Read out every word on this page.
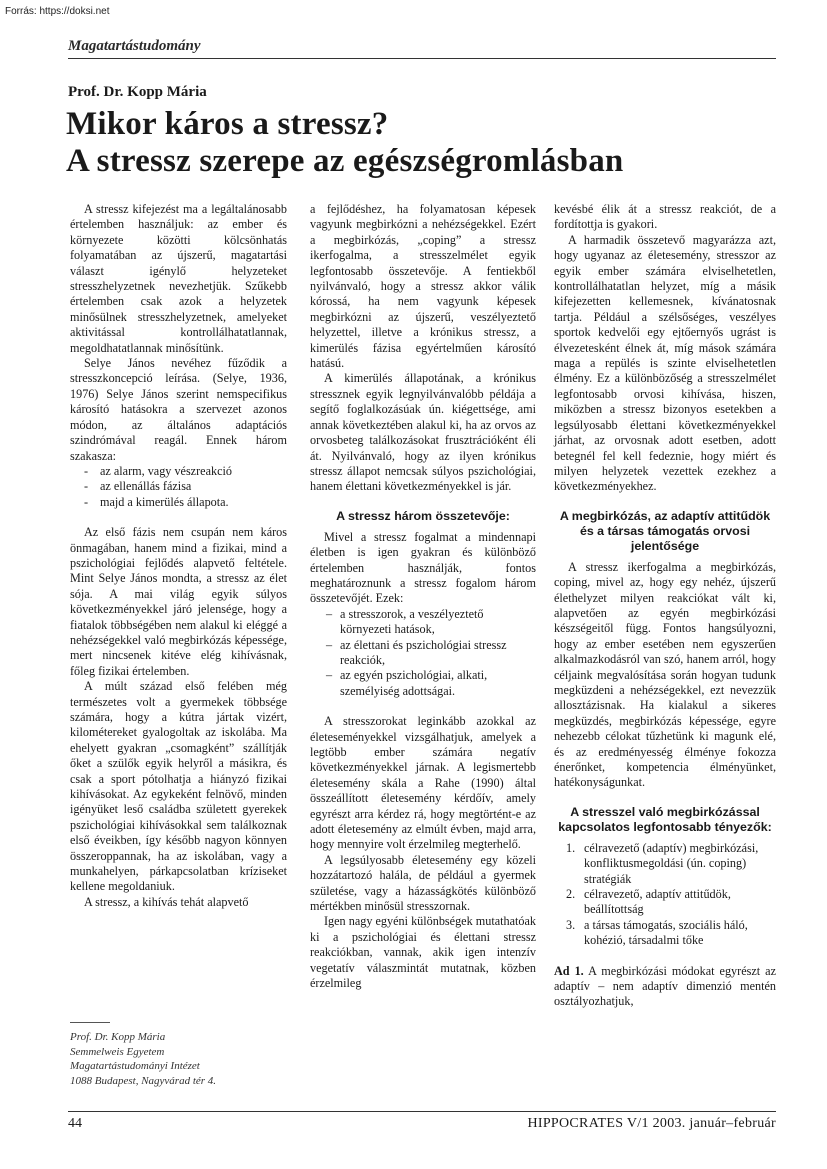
Forrás: https://doksi.net
Magatartástudomány
Prof. Dr. Kopp Mária
Mikor káros a stressz?
A stressz szerepe az egészségromlásban

A stressz kifejezést ma a legáltalánosabb értelemben használjuk: az ember és környezete közötti kölcsönhatás folyamatában az újszerű, magatartási választ igénylő helyzeteket stresszhelyzetnek nevezhetjük. Szűkebb értelemben csak azok a helyzetek minősülnek stresszhelyzetnek, amelyeket aktivitással kontrollálhatatlannak, megoldhatatlannak minősítünk.

Selye János nevéhez fűződik a stresszkoncepció leírása. (Selye, 1936, 1976) Selye János szerint nemspecifikus károsító hatásokra a szervezet azonos módon, az általános adaptációs szindrómával reagál. Ennek három szakasza:

- az alarm, vagy vészreakció
- az ellenállás fázisa
- majd a kimerülés állapota.

Az első fázis nem csupán nem káros önmagában, hanem mind a fizikai, mind a pszichológiai fejlődés alapvető feltétele. Mint Selye János mondta, a stressz az élet sója. A mai világ egyik súlyos következményekkel járó jelensége, hogy a fiatalok többségében nem alakul ki eléggé a nehézségekkel való megbirkózás képessége, mert nincsenek kitéve elég kihívásnak, főleg fizikai értelemben.

A múlt század első felében még természetes volt a gyermekek többsége számára, hogy a kútra jártak vizért, kilométereket gyalogoltak az iskolába. Ma ehelyett gyakran „csomagként” szállítják őket a szülők egyik helyről a másikra, és csak a sport pótolhatja a hiányzó fizikai kihívásokat. Az egykeként felnövő, minden igényüket leső családba született gyerekek pszichológiai kihívásokkal sem találkoznak első éveikben, így később nagyon könnyen összeroppannak, ha az iskolában, vagy a munkahelyen, párkapcsolatban kríziseket kellene megoldaniuk.

A stressz, a kihívás tehát alapvető

Prof. Dr. Kopp Mária
Semmelweis Egyetem
Magatartástudományi Intézet
1088 Budapest, Nagyvárad tér 4.

a fejlődéshez, ha folyamatosan képesek vagyunk megbirkózni a nehézségekkel. Ezért a megbirkózás, „coping” a stressz ikerfogalma, a stresszelmélet egyik legfontosabb összetevője. A fentiekből nyilvánvaló, hogy a stressz akkor válik kórossá, ha nem vagyunk képesek megbirkózni az újszerű, veszélyeztető helyzettel, illetve a krónikus stressz, a kimerülés fázisa egyértelműen károsító hatású.

A kimerülés állapotának, a krónikus stressznek egyik legnyilvánvalóbb példája a segítő foglalkozásúak ún. kiégettsége, ami annak következtében alakul ki, ha az orvos az orvosbeteg találkozásokat frusztrációként éli át. Nyilvánvaló, hogy az ilyen krónikus stressz állapot nemcsak súlyos pszichológiai, hanem élettani következményekkel is jár.

A stressz három összetevője:

Mivel a stressz fogalmat a mindennapi életben is igen gyakran és különböző értelemben használják, fontos meghatároznunk a stressz fogalom három összetevőjét. Ezek:

– a stresszorok, a veszélyeztető környezeti hatások,
– az élettani és pszichológiai stressz reakciók,
– az egyén pszichológiai, alkati, személyiség adottságai.

A stresszorokat leginkább azokkal az életeseményekkel vizsgálhatjuk, amelyek a legtöbb ember számára negatív következményekkel járnak. A legismertebb életesemény skála a Rahe (1990) által összeállított életesemény kérdőív, amely egyrészt arra kérdez rá, hogy megtörtént-e az adott életesemény az elmúlt évben, majd arra, hogy mennyire volt érzelmileg megterhelő.

A legsúlyosabb életesemény egy közeli hozzátartozó halála, de például a gyermek születése, vagy a házasságkötés különböző mértékben minősül stresszornak.

Igen nagy egyéni különbségek mutathatóak ki a pszichológiai és élettani stressz reakciókban, vannak, akik igen intenzív vegetatív válaszmintát mutatnak, közben érzelmileg

kevésbé élik át a stressz reakciót, de a fordítottja is gyakori.

A harmadik összetevő magyarázza azt, hogy ugyanaz az életesemény, stresszor az egyik ember számára elviselhetetlen, kontrollálhatatlan helyzet, míg a másik kifejezetten kellemesnek, kívánatosnak tartja. Például a szélsőséges, veszélyes sportok kedvelői egy ejtőernyős ugrást is élvezetesként élnek át, míg mások számára maga a repülés is szinte elviselhetetlen élmény. Ez a különbözőség a stresszelmélet legfontosabb orvosi kihívása, hiszen, miközben a stressz bizonyos esetekben a legsúlyosabb élettani következményekkel járhat, az orvosnak adott esetben, adott betegnél fel kell fedeznie, hogy miért és milyen helyzetek vezettek ezekhez a következményekhez.

A megbirkózás, az adaptív attitűdök és a társas támogatás orvosi jelentősége

A stressz ikerfogalma a megbirkózás, coping, mivel az, hogy egy nehéz, újszerű élethelyzet milyen reakciókat vált ki, alapvetően az egyén megbirkózási készségeitől függ. Fontos hangsúlyozni, hogy az ember esetében nem egyszerűen alkalmazkodásról van szó, hanem arról, hogy céljaink megvalósítása során hogyan tudunk megküzdeni a nehézségekkel, ezt nevezzük allosztázisnak. Ha kialakul a sikeres megküzdés, megbirkózás képessége, egyre nehezebb célokat tűzhetünk ki magunk elé, és az eredményesség élménye fokozza énerőnket, kompetencia élményünket, hatékonyságunkat.

A stresszel való megbirkózással kapcsolatos legfontosabb tényezők:
1. célravezető (adaptív) megbirkózási, konfliktusmegoldási (ún. coping) stratégiák
2. célravezető, adaptív attitűdök, beállítottság
3. a társas támogatás, szociális háló, kohézió, társadalmi tőke

Ad 1. A megbirkózási módokat egyrészt az adaptív – nem adaptív dimenzió mentén osztályozhatjuk,

44	HIPPOCRATES V/1 2003. január–február
